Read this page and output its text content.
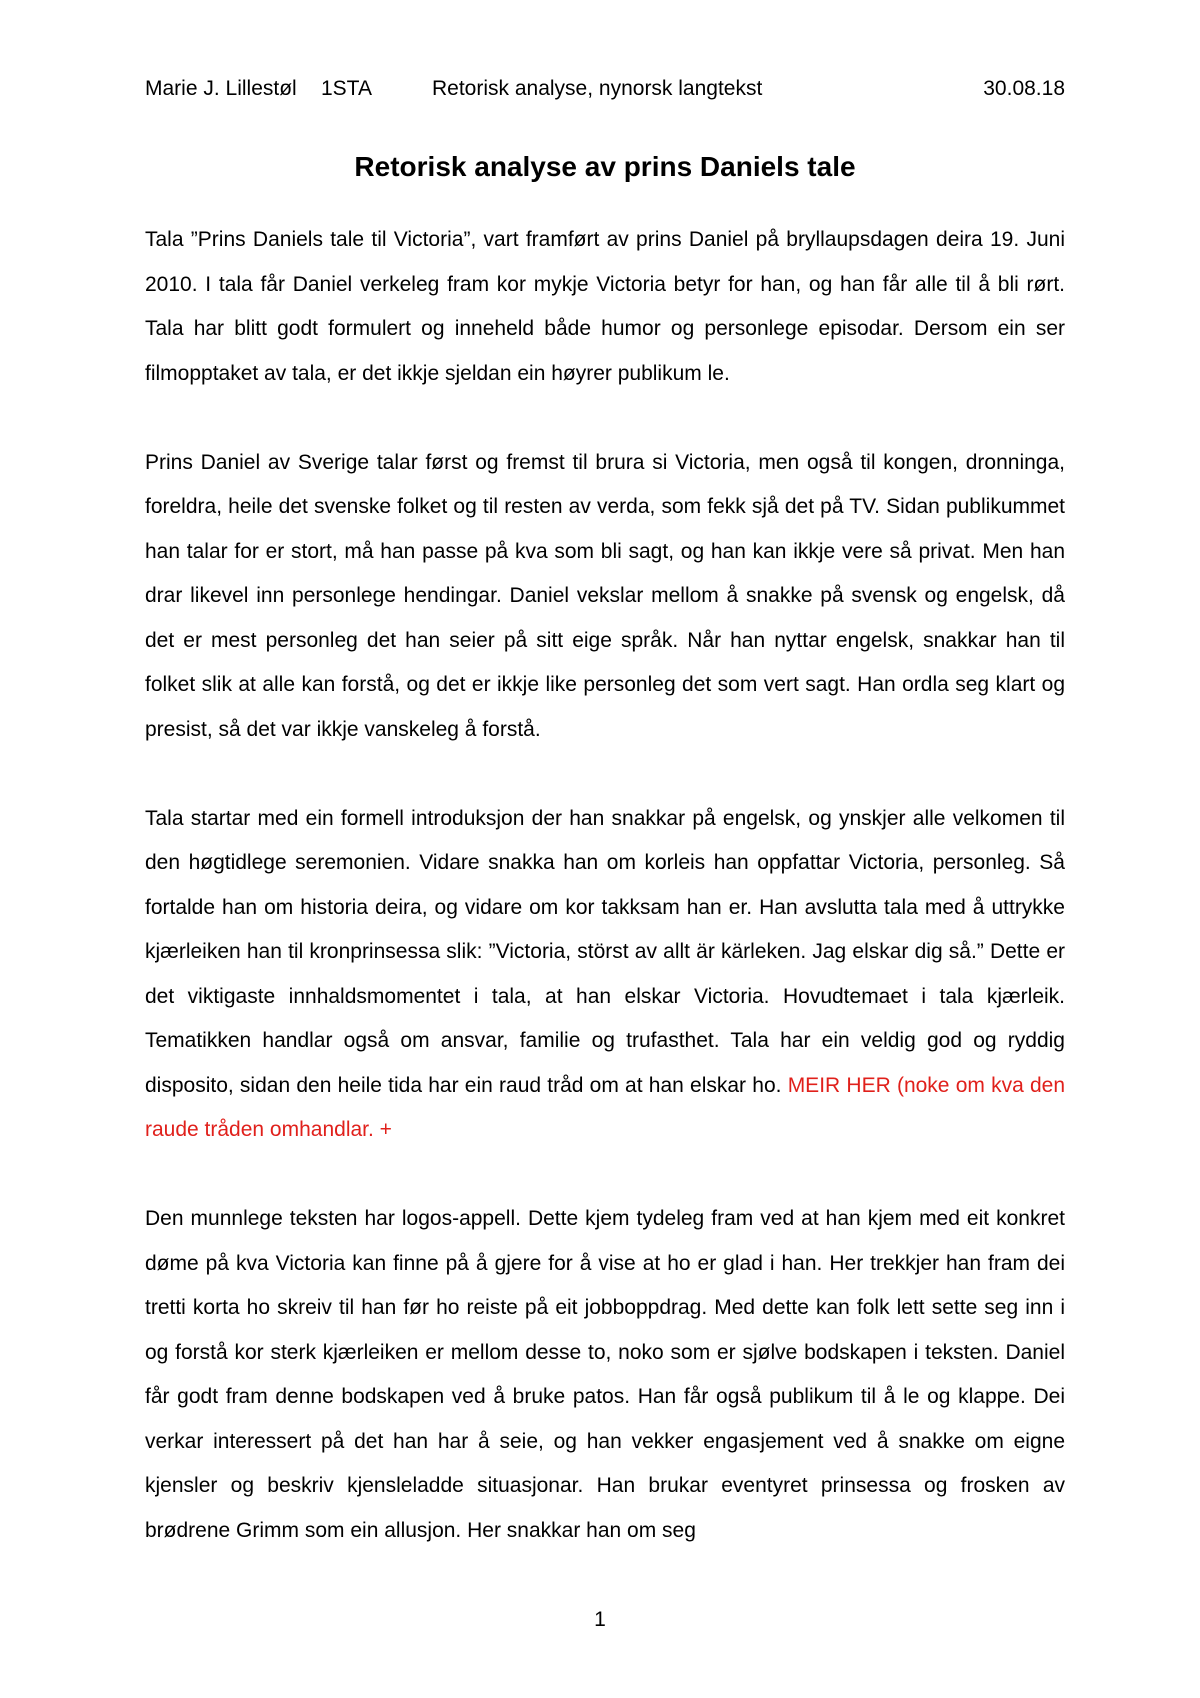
Marie J. Lillestøl 1STA	Retorisk analyse, nynorsk langtekst	30.08.18
Retorisk analyse av prins Daniels tale

Tala ”Prins Daniels tale til Victoria”, vart framført av prins Daniel på bryllaupsdagen deira 19. Juni 2010. I tala får Daniel verkeleg fram kor mykje Victoria betyr for han, og han får alle til å bli rørt. Tala har blitt godt formulert og inneheld både humor og personlege episodar. Dersom ein ser filmopptaket av tala, er det ikkje sjeldan ein høyrer publikum le.

Prins Daniel av Sverige talar først og fremst til brura si Victoria, men også til kongen, dronninga, foreldra, heile det svenske folket og til resten av verda, som fekk sjå det på TV. Sidan publikummet han talar for er stort, må han passe på kva som bli sagt, og han kan ikkje vere så privat. Men han drar likevel inn personlege hendingar. Daniel vekslar mellom å snakke på svensk og engelsk, då det er mest personleg det han seier på sitt eige språk. Når han nyttar engelsk, snakkar han til folket slik at alle kan forstå, og det er ikkje like personleg det som vert sagt. Han ordla seg klart og presist, så det var ikkje vanskeleg å forstå.

Tala startar med ein formell introduksjon der han snakkar på engelsk, og ynskjer alle velkomen til den høgtidlege seremonien. Vidare snakka han om korleis han oppfattar Victoria, personleg. Så fortalde han om historia deira, og vidare om kor takksam han er. Han avslutta tala med å uttrykke kjærleiken han til kronprinsessa slik: ”Victoria, störst av allt är kärleken. Jag elskar dig så.” Dette er det viktigaste innhaldsmomentet i tala, at han elskar Victoria. Hovudtemaet i tala kjærleik. Tematikken handlar også om ansvar, familie og trufasthet. Tala har ein veldig god og ryddig disposito, sidan den heile tida har ein raud tråd om at han elskar ho. MEIR HER (noke om kva den raude tråden omhandlar. +

Den munnlege teksten har logos-appell. Dette kjem tydeleg fram ved at han kjem med eit konkret døme på kva Victoria kan finne på å gjere for å vise at ho er glad i han. Her trekkjer han fram dei tretti korta ho skreiv til han før ho reiste på eit jobboppdrag. Med dette kan folk lett sette seg inn i og forstå kor sterk kjærleiken er mellom desse to, noko som er sjølve bodskapen i teksten. Daniel får godt fram denne bodskapen ved å bruke patos. Han får også publikum til å le og klappe. Dei verkar interessert på det han har å seie, og han vekker engasjement ved å snakke om eigne kjensler og beskriv kjensleladde situasjonar. Han brukar eventyret prinsessa og frosken av brødrene Grimm som ein allusjon. Her snakkar han om seg

1
